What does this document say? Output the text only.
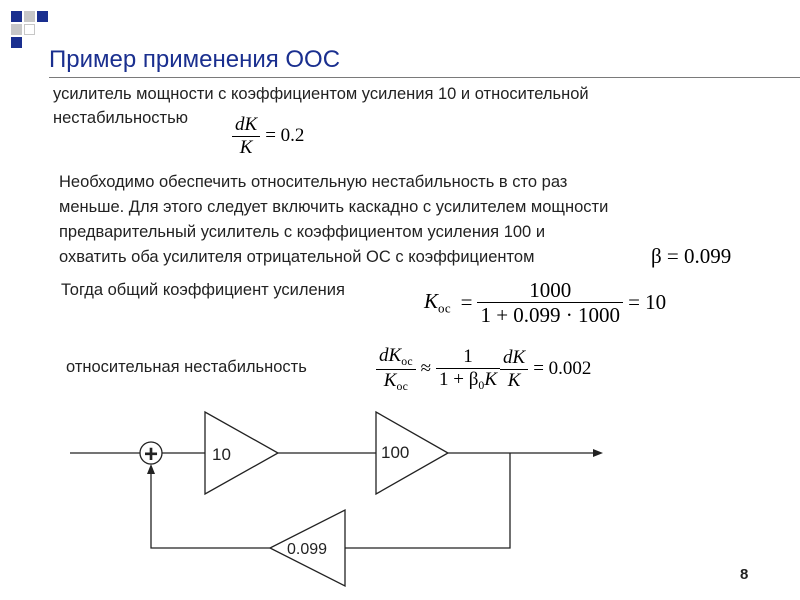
Пример применения ООС
усилитель мощности с коэффициентом усиления 10 и относительной
нестабильностью $\frac{dK}{K} = 0.2$
Необходимо обеспечить относительную нестабильность в сто раз
меньше. Для этого следует включить каскадно с усилителем мощности
предварительный усилитель с коэффициентом усиления 100 и
охватить оба усилителя отрицательной ОС с коэффициентом	β = 0.099
Тогда общий коэффициент усиления	$K_{ос} = \frac{1000}{1 + 0.099 \cdot 1000} = 10$
относительная нестабильность	$\frac{dK_{ос}}{K_{ос}} \approx \frac{1}{1 + \beta_0K} \frac{dK}{K} = 0.002$
+	10	100
0.099
8
